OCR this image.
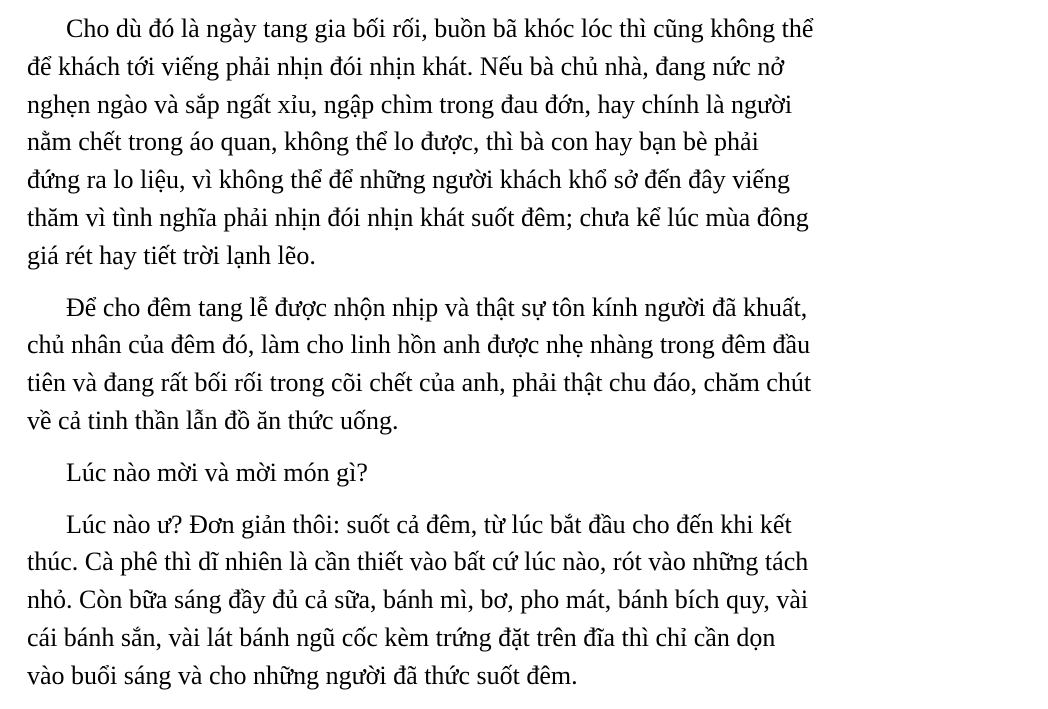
Cho dù đó là ngày tang gia bối rối, buồn bã khóc lóc thì cũng không thể
để khách tới viếng phải nhịn đói nhịn khát. Nếu bà chủ nhà, đang nức nở
nghẹn ngào và sắp ngất xỉu, ngập chìm trong đau đớn, hay chính là người
nằm chết trong áo quan, không thể lo được, thì bà con hay bạn bè phải
đứng ra lo liệu, vì không thể để những người khách khổ sở đến đây viếng
thăm vì tình nghĩa phải nhịn đói nhịn khát suốt đêm; chưa kể lúc mùa đông
giá rét hay tiết trời lạnh lẽo.

Để cho đêm tang lễ được nhộn nhịp và thật sự tôn kính người đã khuất,
chủ nhân của đêm đó, làm cho linh hồn anh được nhẹ nhàng trong đêm đầu
tiên và đang rất bối rối trong cõi chết của anh, phải thật chu đáo, chăm chút
về cả tinh thần lẫn đồ ăn thức uống.

Lúc nào mời và mời món gì?

Lúc nào ư? Đơn giản thôi: suốt cả đêm, từ lúc bắt đầu cho đến khi kết
thúc. Cà phê thì dĩ nhiên là cần thiết vào bất cứ lúc nào, rót vào những tách
nhỏ. Còn bữa sáng đầy đủ cả sữa, bánh mì, bơ, pho mát, bánh bích quy, vài
cái bánh sắn, vài lát bánh ngũ cốc kèm trứng đặt trên đĩa thì chỉ cần dọn
vào buổi sáng và cho những người đã thức suốt đêm.
